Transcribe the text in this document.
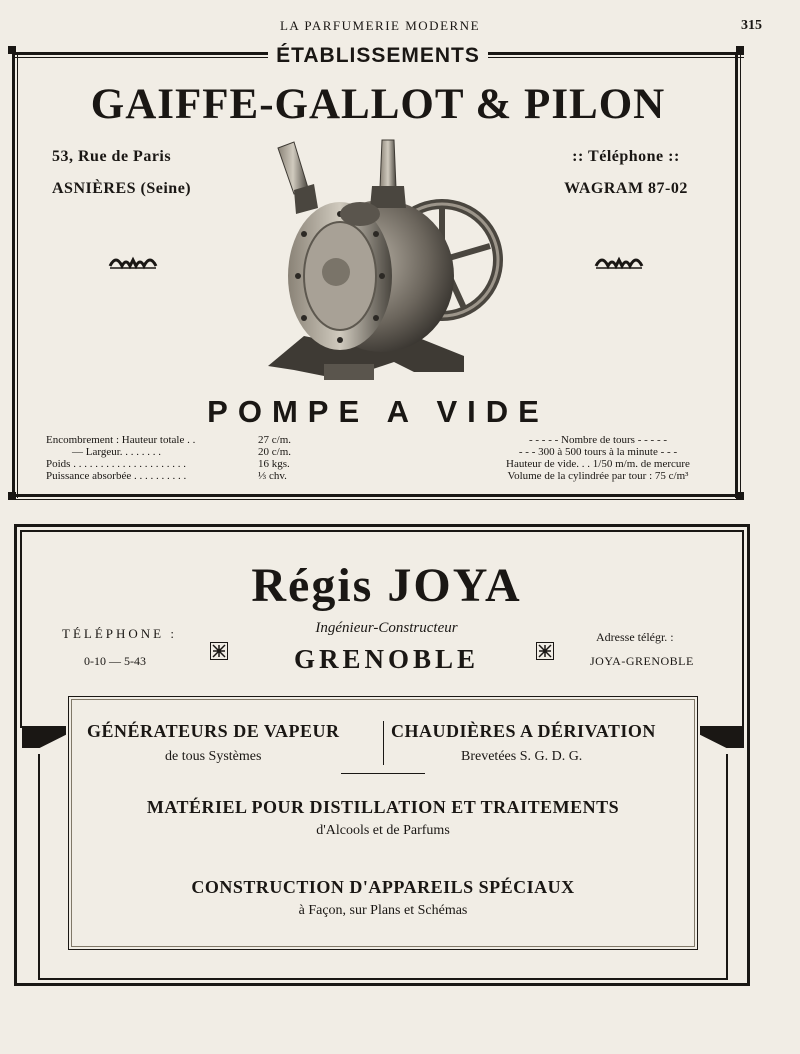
LA PARFUMERIE MODERNE	315
ÉTABLISSEMENTS
GAIFFE-GALLOT & PILON
53, Rue de Paris
ASNIÈRES (Seine)
:: Téléphone ::
WAGRAM 87-02
POMPE A VIDE
Encombrement : Hauteur totale . .	27 c/m.
— Largeur. . . . . . . .	20 c/m.
Poids . . . . . . . . . . . . . . . . . . . . .	16 kgs.
Puissance absorbée . . . . . . . . . .	⅓ chv.
- - - - - Nombre de tours - - - - -
- - - 300 à 500 tours à la minute - - -
Hauteur de vide. . . 1/50 m/m. de mercure
Volume de la cylindrée par tour : 75 c/m³
Régis JOYA
Ingénieur-Constructeur
GRENOBLE
TÉLÉPHONE :
0-10 — 5-43
Adresse télégr. :
JOYA-GRENOBLE
GÉNÉRATEURS DE VAPEUR
de tous Systèmes
CHAUDIÈRES A DÉRIVATION
Brevetées S. G. D. G.
MATÉRIEL POUR DISTILLATION ET TRAITEMENTS
d'Alcools et de Parfums
CONSTRUCTION D'APPAREILS SPÉCIAUX
à Façon, sur Plans et Schémas
